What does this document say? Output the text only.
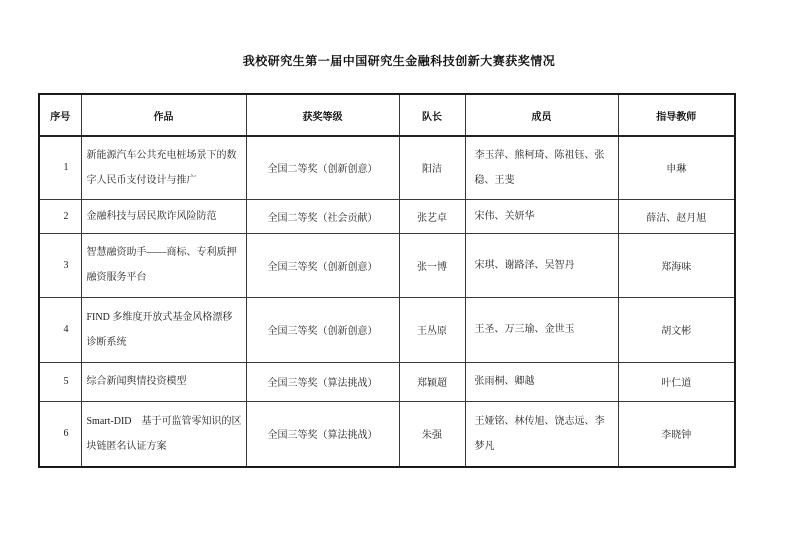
我校研究生第一届中国研究生金融科技创新大赛获奖情况
序号	作品	获奖等级	队长	成员	指导教师
1	新能源汽车公共充电桩场景下的数字人民币支付设计与推广	全国二等奖（创新创意）	阳洁	李玉萍、熊柯琦、陈祖钰、张稳、王斐	申琳
2	金融科技与居民欺诈风险防范	全国二等奖（社会贡献）	张艺卓	宋伟、关妍华	薛洁、赵月旭
3	智慧融资助手——商标、专利质押融资服务平台	全国三等奖（创新创意）	张一博	宋琪、谢路泽、吴智丹	郑海味
4	FIND 多维度开放式基金风格漂移诊断系统	全国三等奖（创新创意）	王丛原	王圣、万三瑜、金世玉	胡文彬
5	综合新闻舆情投资模型	全国三等奖（算法挑战）	郑颖超	张雨桐、卿越	叶仁道
6	Smart-DID　基于可监管零知识的区块链匿名认证方案	全国三等奖（算法挑战）	朱强	王娅铭、林传旭、饶志远、李梦凡	李晓钟
